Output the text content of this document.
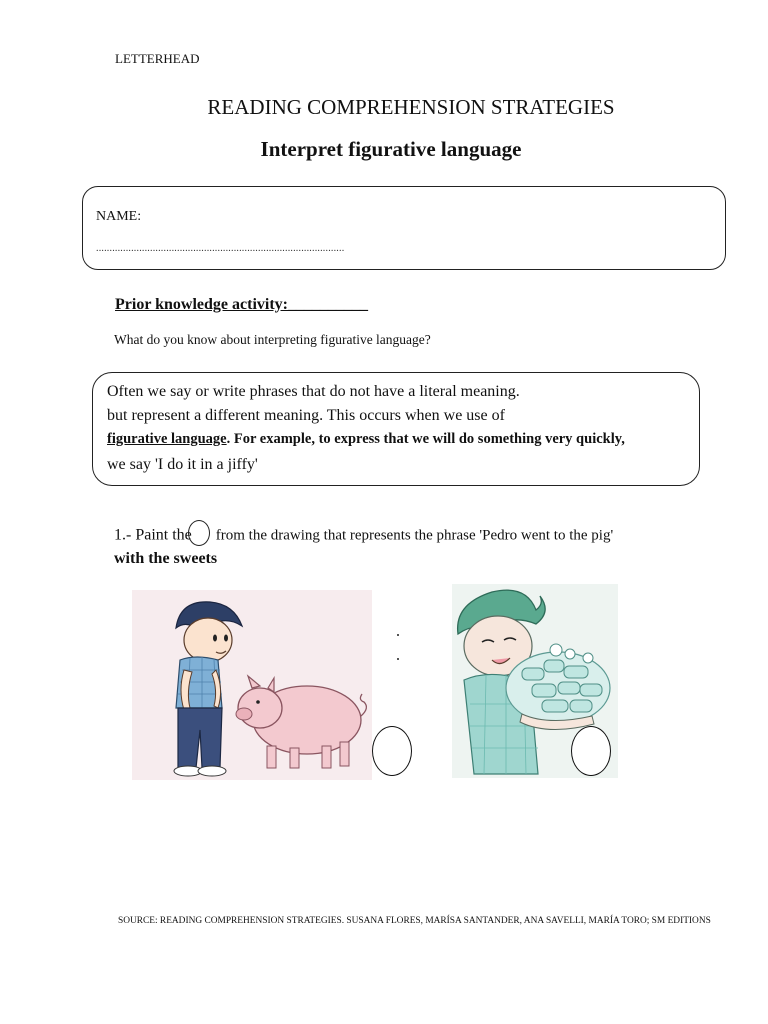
LETTERHEAD
READING COMPREHENSION STRATEGIES
Interpret figurative language
NAME:
............................................................................................
Prior knowledge activity:__________
What do you know about interpreting figurative language?
Often we say or write phrases that do not have a literal meaning.
but represent a different meaning. This occurs when we use of
figurative language. For example, to express that we will do something very quickly,
we say 'I do it in a jiffy'
1.- Paint the from the drawing that represents the phrase 'Pedro went to the pig'
with the sweets
SOURCE: READING COMPREHENSION STRATEGIES. SUSANA FLORES, MARÍSA SANTANDER, ANA SAVELLI, MARÍA TORO; SM EDITIONS
